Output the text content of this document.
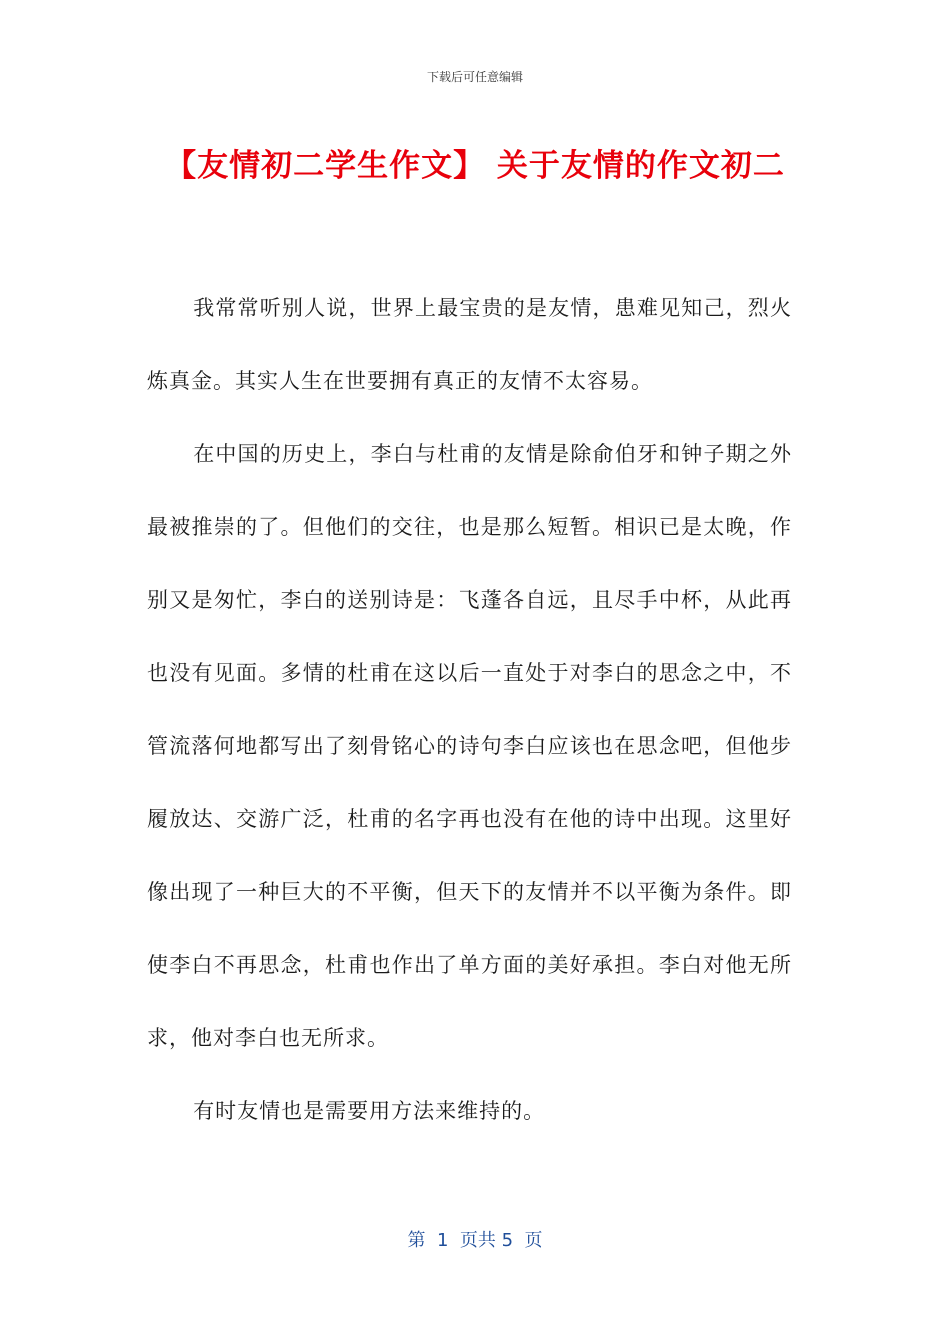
下载后可任意编辑
【友情初二学生作文】 关于友情的作文初二

我常常听别人说，世界上最宝贵的是友情，患难见知己，烈火炼真金。其实人生在世要拥有真正的友情不太容易。

在中国的历史上，李白与杜甫的友情是除俞伯牙和钟子期之外最被推崇的了。但他们的交往，也是那么短暂。相识已是太晚，作别又是匆忙，李白的送别诗是：飞蓬各自远，且尽手中杯，从此再也没有见面。多情的杜甫在这以后一直处于对李白的思念之中，不管流落何地都写出了刻骨铭心的诗句李白应该也在思念吧，但他步履放达、交游广泛，杜甫的名字再也没有在他的诗中出现。这里好像出现了一种巨大的不平衡，但天下的友情并不以平衡为条件。即使李白不再思念，杜甫也作出了单方面的美好承担。李白对他无所求，他对李白也无所求。

有时友情也是需要用方法来维持的。

第  1  页共 5  页
